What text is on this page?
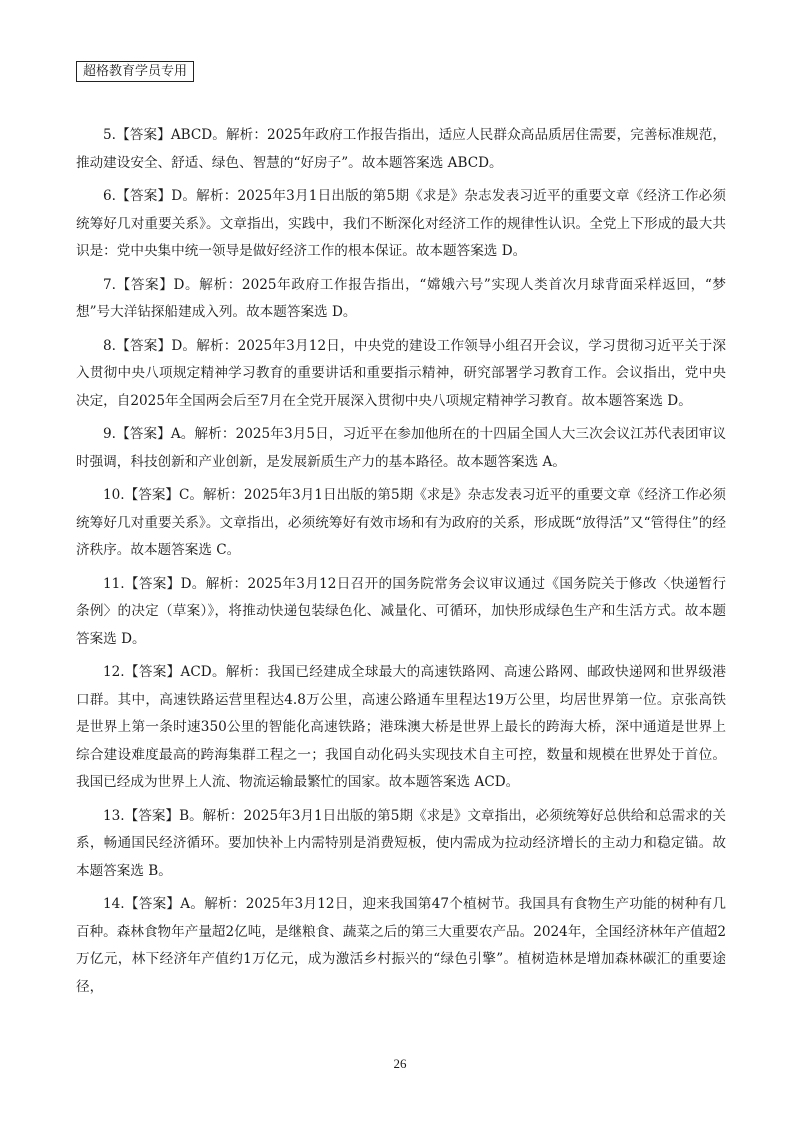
超格教育学员专用

5.【答案】ABCD。解析：2025年政府工作报告指出，适应人民群众高品质居住需要，完善标准规范，推动建设安全、舒适、绿色、智慧的“好房子”。故本题答案选 ABCD。

6.【答案】D。解析：2025年3月1日出版的第5期《求是》杂志发表习近平的重要文章《经济工作必须统筹好几对重要关系》。文章指出，实践中，我们不断深化对经济工作的规律性认识。全党上下形成的最大共识是：党中央集中统一领导是做好经济工作的根本保证。故本题答案选 D。

7.【答案】D。解析：2025年政府工作报告指出，“嫦娥六号”实现人类首次月球背面采样返回，“梦想”号大洋钻探船建成入列。故本题答案选 D。

8.【答案】D。解析：2025年3月12日，中央党的建设工作领导小组召开会议，学习贯彻习近平关于深入贯彻中央八项规定精神学习教育的重要讲话和重要指示精神，研究部署学习教育工作。会议指出，党中央决定，自2025年全国两会后至7月在全党开展深入贯彻中央八项规定精神学习教育。故本题答案选 D。

9.【答案】A。解析：2025年3月5日，习近平在参加他所在的十四届全国人大三次会议江苏代表团审议时强调，科技创新和产业创新，是发展新质生产力的基本路径。故本题答案选 A。

10.【答案】C。解析：2025年3月1日出版的第5期《求是》杂志发表习近平的重要文章《经济工作必须统筹好几对重要关系》。文章指出，必须统筹好有效市场和有为政府的关系，形成既“放得活”又“管得住”的经济秩序。故本题答案选 C。

11.【答案】D。解析：2025年3月12日召开的国务院常务会议审议通过《国务院关于修改〈快递暂行条例〉的决定（草案）》，将推动快递包装绿色化、减量化、可循环，加快形成绿色生产和生活方式。故本题答案选 D。

12.【答案】ACD。解析：我国已经建成全球最大的高速铁路网、高速公路网、邮政快递网和世界级港口群。其中，高速铁路运营里程达4.8万公里，高速公路通车里程达19万公里，均居世界第一位。京张高铁是世界上第一条时速350公里的智能化高速铁路；港珠澳大桥是世界上最长的跨海大桥，深中通道是世界上综合建设难度最高的跨海集群工程之一；我国自动化码头实现技术自主可控，数量和规模在世界处于首位。我国已经成为世界上人流、物流运输最繁忙的国家。故本题答案选 ACD。

13.【答案】B。解析：2025年3月1日出版的第5期《求是》文章指出，必须统筹好总供给和总需求的关系，畅通国民经济循环。要加快补上内需特别是消费短板，使内需成为拉动经济增长的主动力和稳定锚。故本题答案选 B。

14.【答案】A。解析：2025年3月12日，迎来我国第47个植树节。我国具有食物生产功能的树种有几百种。森林食物年产量超2亿吨，是继粮食、蔬菜之后的第三大重要农产品。2024年，全国经济林年产值超2万亿元，林下经济年产值约1万亿元，成为激活乡村振兴的“绿色引擎”。植树造林是增加森林碳汇的重要途径，

26
